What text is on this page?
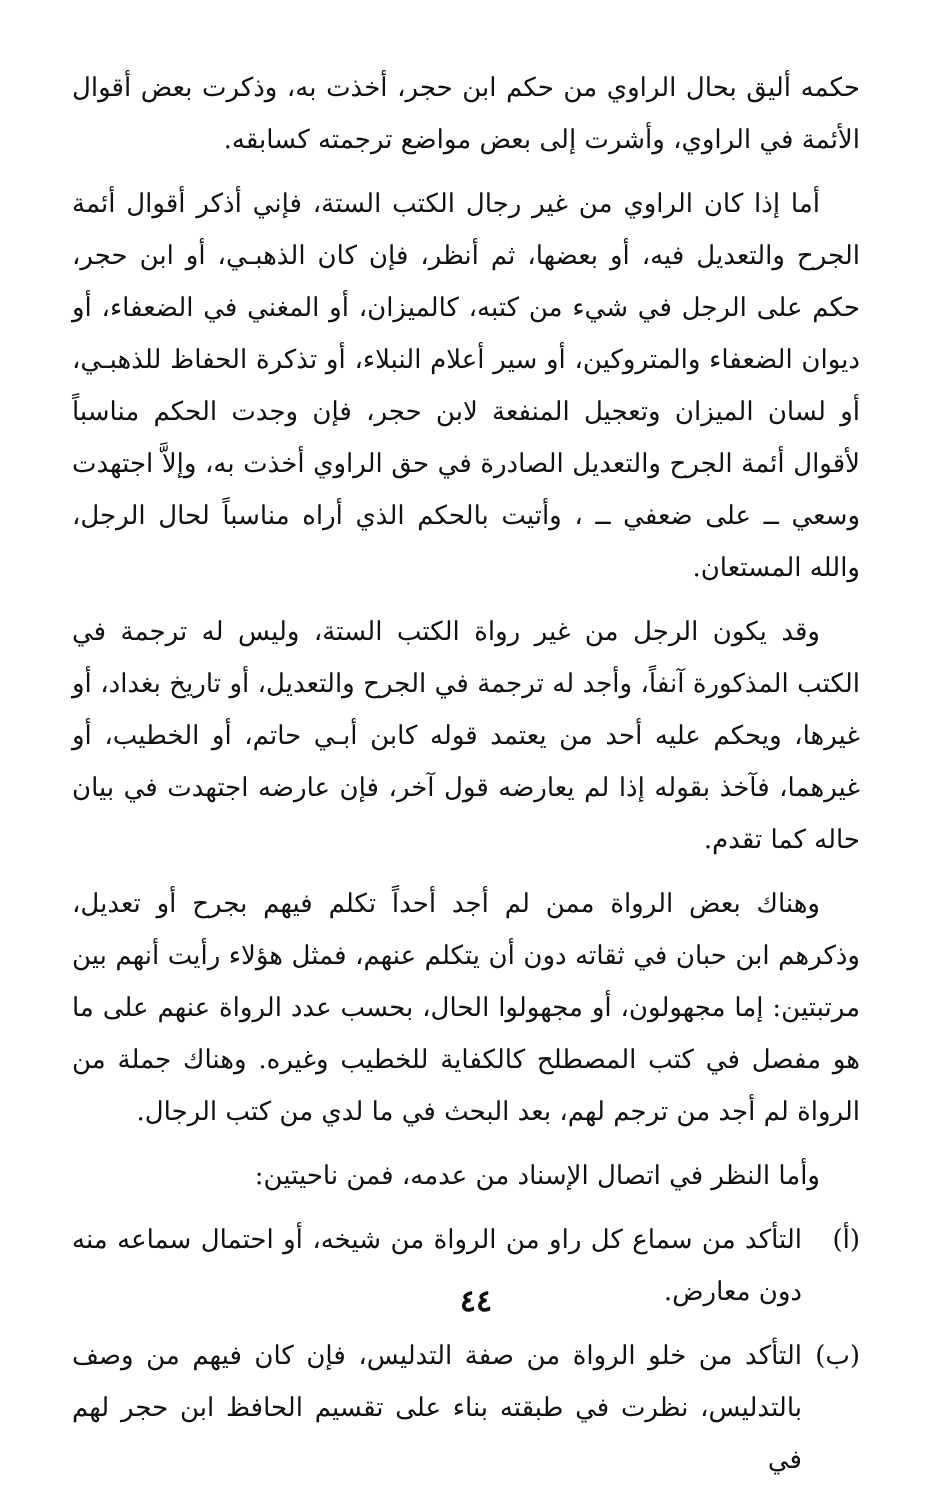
حكمه أليق بحال الراوي من حكم ابن حجر، أخذت به، وذكرت بعض أقوال الأئمة في الراوي، وأشرت إلى بعض مواضع ترجمته كسابقه.

أما إذا كان الراوي من غير رجال الكتب الستة، فإني أذكر أقوال أئمة الجرح والتعديل فيه، أو بعضها، ثم أنظر، فإن كان الذهبـي، أو ابن حجر، حكم على الرجل في شيء من كتبه، كالميزان، أو المغني في الضعفاء، أو ديوان الضعفاء والمتروكين، أو سير أعلام النبلاء، أو تذكرة الحفاظ للذهبـي، أو لسان الميزان وتعجيل المنفعة لابن حجر، فإن وجدت الحكم مناسباً لأقوال أئمة الجرح والتعديل الصادرة في حق الراوي أخذت به، وإلاَّ اجتهدت وسعي ــ على ضعفي ــ ، وأتيت بالحكم الذي أراه مناسباً لحال الرجل، والله المستعان.

وقد يكون الرجل من غير رواة الكتب الستة، وليس له ترجمة في الكتب المذكورة آنفاً، وأجد له ترجمة في الجرح والتعديل، أو تاريخ بغداد، أو غيرها، ويحكم عليه أحد من يعتمد قوله كابن أبـي حاتم، أو الخطيب، أو غيرهما، فآخذ بقوله إذا لم يعارضه قول آخر، فإن عارضه اجتهدت في بيان حاله كما تقدم.

وهناك بعض الرواة ممن لم أجد أحداً تكلم فيهم بجرح أو تعديل، وذكرهم ابن حبان في ثقاته دون أن يتكلم عنهم، فمثل هؤلاء رأيت أنهم بين مرتبتين: إما مجهولون، أو مجهولوا الحال، بحسب عدد الرواة عنهم على ما هو مفصل في كتب المصطلح كالكفاية للخطيب وغيره. وهناك جملة من الرواة لم أجد من ترجم لهم، بعد البحث في ما لدي من كتب الرجال.

وأما النظر في اتصال الإسناد من عدمه، فمن ناحيتين:

(أ)
التأكد من سماع كل راو من الرواة من شيخه، أو احتمال سماعه منه دون معارض.
(ب)
التأكد من خلو الرواة من صفة التدليس، فإن كان فيهم من وصف بالتدليس، نظرت في طبقته بناء على تقسيم الحافظ ابن حجر لهم في
٤٤
